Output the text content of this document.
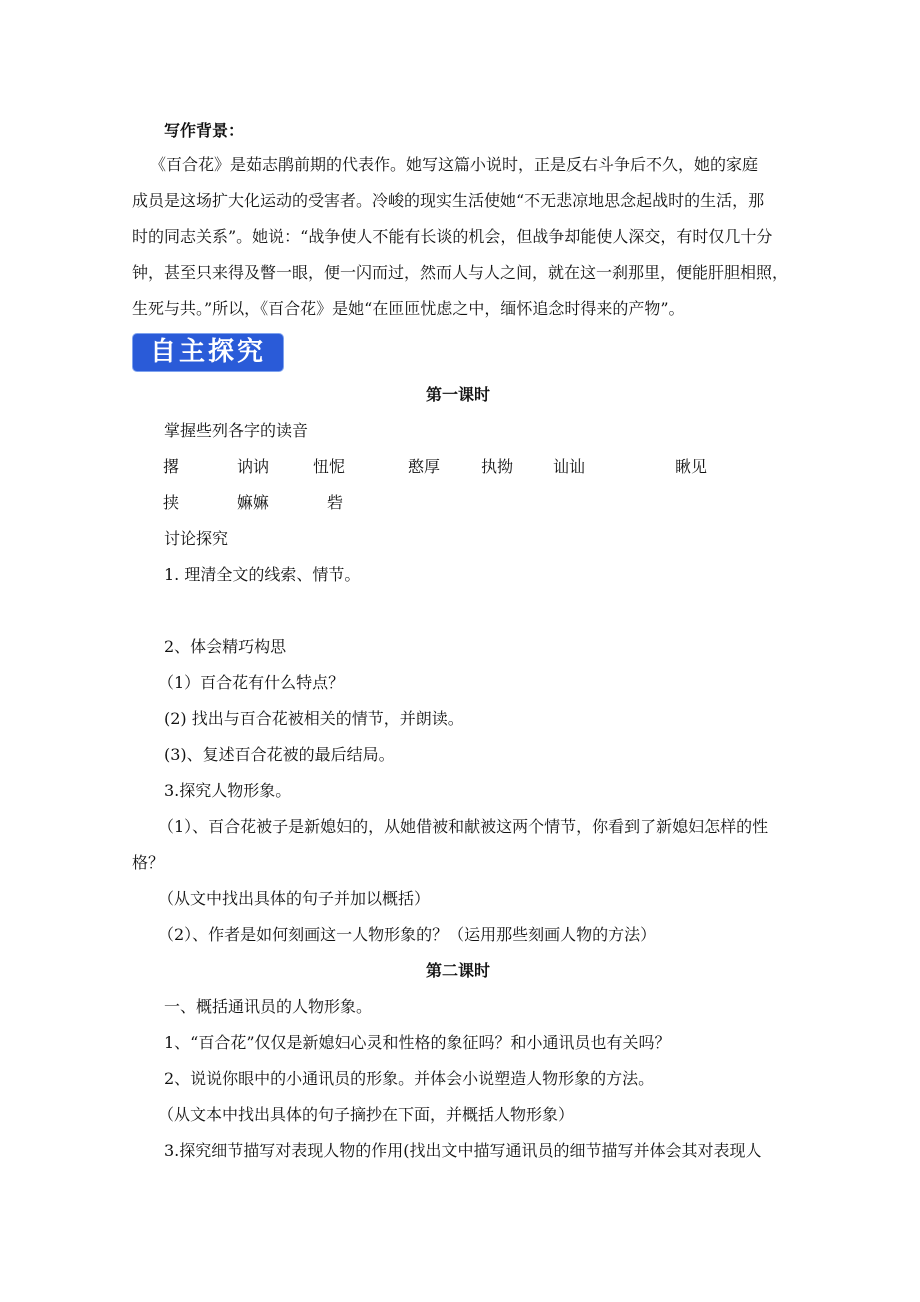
写作背景：
《百合花》是茹志鹃前期的代表作。她写这篇小说时，正是反右斗争后不久，她的家庭
成员是这场扩大化运动的受害者。冷峻的现实生活使她“不无悲凉地思念起战时的生活，那
时的同志关系”。她说：“战争使人不能有长谈的机会，但战争却能使人深交，有时仅几十分
钟，甚至只来得及瞥一眼，便一闪而过，然而人与人之间，就在这一刹那里，便能肝胆相照，
生死与共。”所以，《百合花》是她“在匝匝忧虑之中，缅怀追念时得来的产物”。
自主探究
第一课时
掌握些列各字的读音
撂	讷讷	忸怩	憨厚	执拗 讪讪	瞅见
挟	嫲嫲	砦
讨论探究
1. 理清全文的线索、情节。
2、体会精巧构思
（1）百合花有什么特点？
(2) 找出与百合花被相关的情节，并朗读。
(3)、复述百合花被的最后结局。
3.探究人物形象。
（1）、百合花被子是新媳妇的，从她借被和献被这两个情节，你看到了新媳妇怎样的性
格？
（从文中找出具体的句子并加以概括）
（2）、作者是如何刻画这一人物形象的？（运用那些刻画人物的方法）
第二课时
一、概括通讯员的人物形象。
1、“百合花”仅仅是新媳妇心灵和性格的象征吗？和小通讯员也有关吗？
2、说说你眼中的小通讯员的形象。并体会小说塑造人物形象的方法。
（从文本中找出具体的句子摘抄在下面，并概括人物形象）
3.探究细节描写对表现人物的作用(找出文中描写通讯员的细节描写并体会其对表现人
